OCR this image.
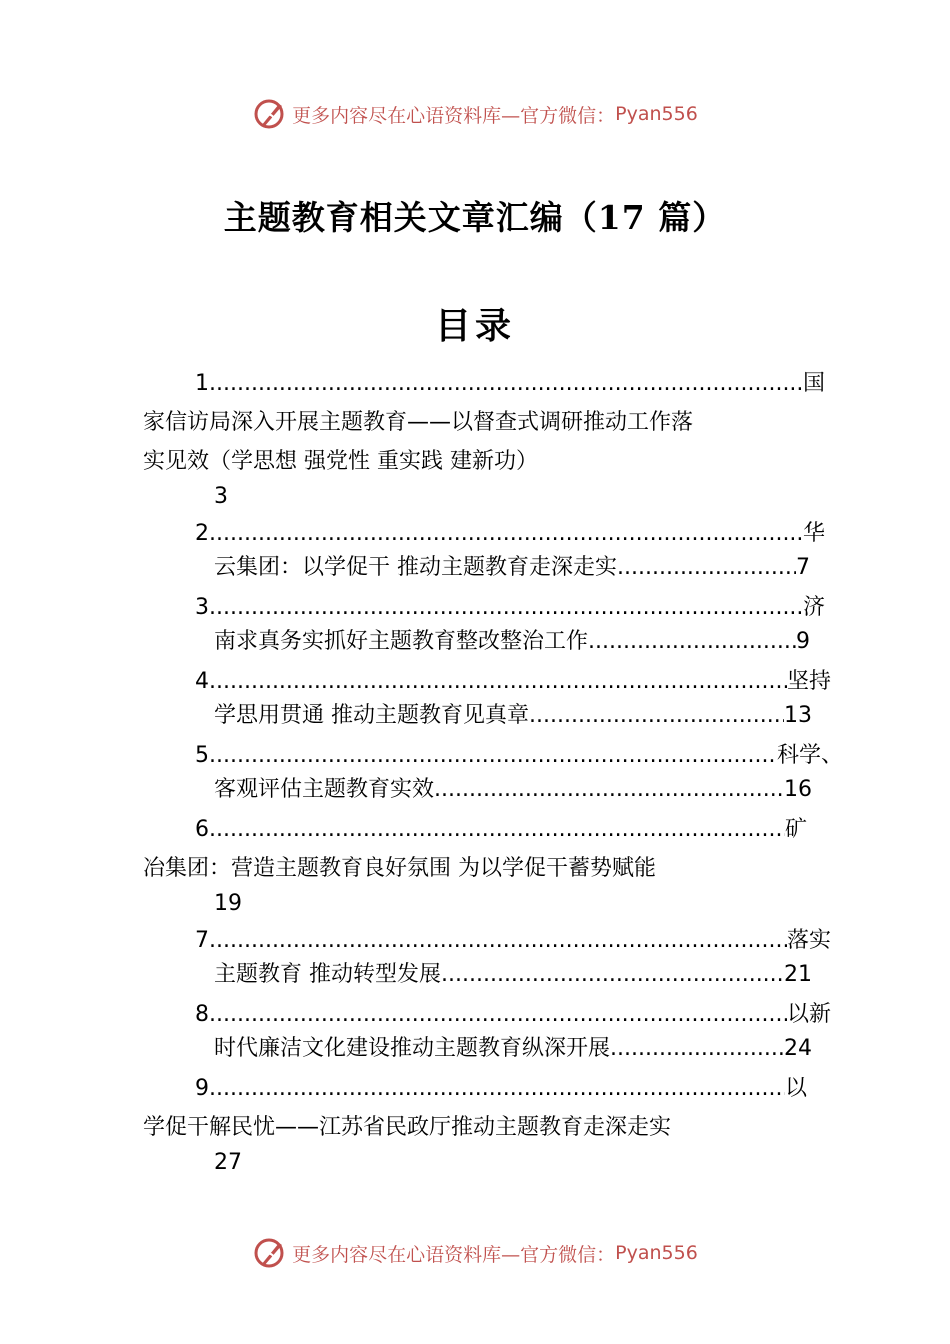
更多内容尽在心语资料库—官方微信： Pyan556
主题教育相关文章汇编（17 篇）
目录
1 .....	国
家信访局深入开展主题教育——以督查式调研推动工作落
实见效（学思想 强党性 重实践 建新功）
3
2 .....	华
云集团：以学促干 推动主题教育走深走实 .....	7
3 .....	济
南求真务实抓好主题教育整改整治工作 .....	9
4 .....	坚持
学思用贯通 推动主题教育见真章 .....	13
5 .....	科学、
客观评估主题教育实效 .....	16
6 .....	矿
冶集团：营造主题教育良好氛围 为以学促干蓄势赋能
19
7 .....	落实
主题教育 推动转型发展 .....	21
8 .....	以新
时代廉洁文化建设推动主题教育纵深开展 .....	24
9 .....	以
学促干解民忧——江苏省民政厅推动主题教育走深走实
27
更多内容尽在心语资料库—官方微信： Pyan556
